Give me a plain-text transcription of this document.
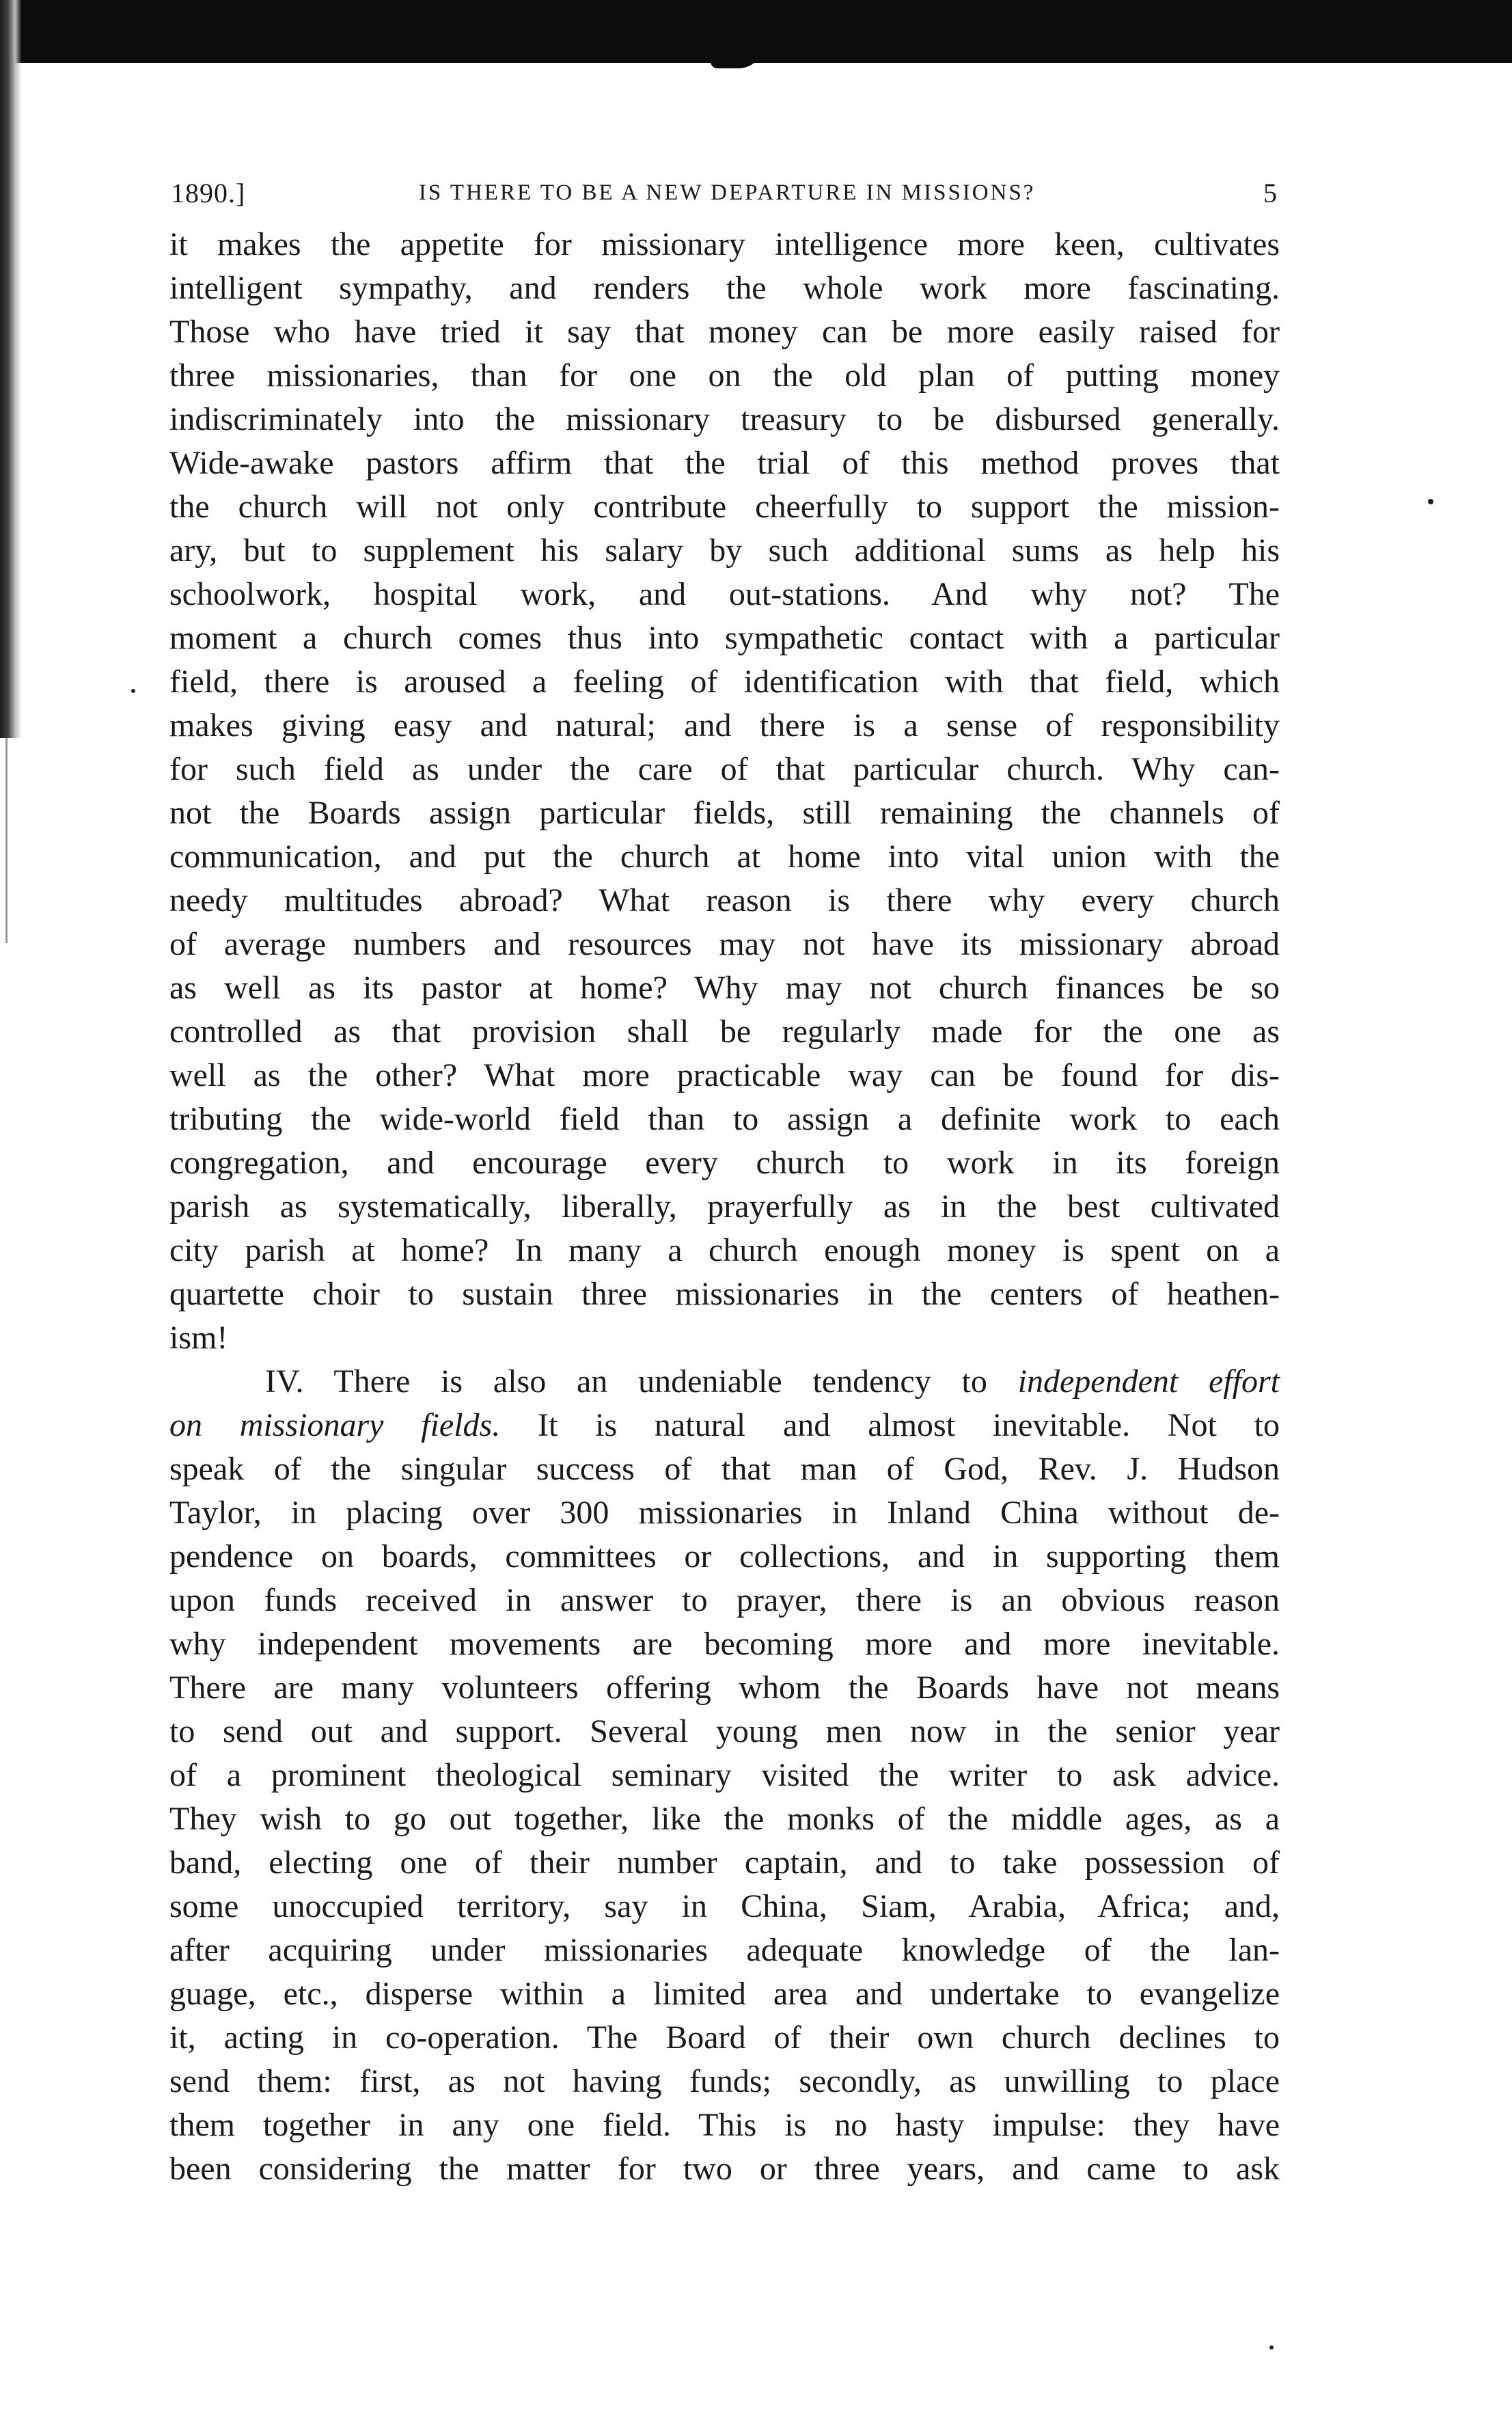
1890.]	IS THERE TO BE A NEW DEPARTURE IN MISSIONS?	5
it makes the appetite for missionary intelligence more keen, cultivates
intelligent sympathy, and renders the whole work more fascinating.
Those who have tried it say that money can be more easily raised for
three missionaries, than for one on the old plan of putting money
indiscriminately into the missionary treasury to be disbursed generally.
Wide-awake pastors affirm that the trial of this method proves that
the church will not only contribute cheerfully to support the mission-
ary, but to supplement his salary by such additional sums as help his
schoolwork, hospital work, and out-stations. And why not? The
moment a church comes thus into sympathetic contact with a particular
field, there is aroused a feeling of identification with that field, which
makes giving easy and natural; and there is a sense of responsibility
for such field as under the care of that particular church. Why can-
not the Boards assign particular fields, still remaining the channels of
communication, and put the church at home into vital union with the
needy multitudes abroad? What reason is there why every church
of average numbers and resources may not have its missionary abroad
as well as its pastor at home? Why may not church finances be so
controlled as that provision shall be regularly made for the one as
well as the other? What more practicable way can be found for dis-
tributing the wide-world field than to assign a definite work to each
congregation, and encourage every church to work in its foreign
parish as systematically, liberally, prayerfully as in the best cultivated
city parish at home? In many a church enough money is spent on a
quartette choir to sustain three missionaries in the centers of heathen-
ism!
IV. There is also an undeniable tendency to independent effort
on missionary fields. It is natural and almost inevitable. Not to
speak of the singular success of that man of God, Rev. J. Hudson
Taylor, in placing over 300 missionaries in Inland China without de-
pendence on boards, committees or collections, and in supporting them
upon funds received in answer to prayer, there is an obvious reason
why independent movements are becoming more and more inevitable.
There are many volunteers offering whom the Boards have not means
to send out and support. Several young men now in the senior year
of a prominent theological seminary visited the writer to ask advice.
They wish to go out together, like the monks of the middle ages, as a
band, electing one of their number captain, and to take possession of
some unoccupied territory, say in China, Siam, Arabia, Africa; and,
after acquiring under missionaries adequate knowledge of the lan-
guage, etc., disperse within a limited area and undertake to evangelize
it, acting in co-operation. The Board of their own church declines to
send them: first, as not having funds; secondly, as unwilling to place
them together in any one field. This is no hasty impulse: they have
been considering the matter for two or three years, and came to ask
